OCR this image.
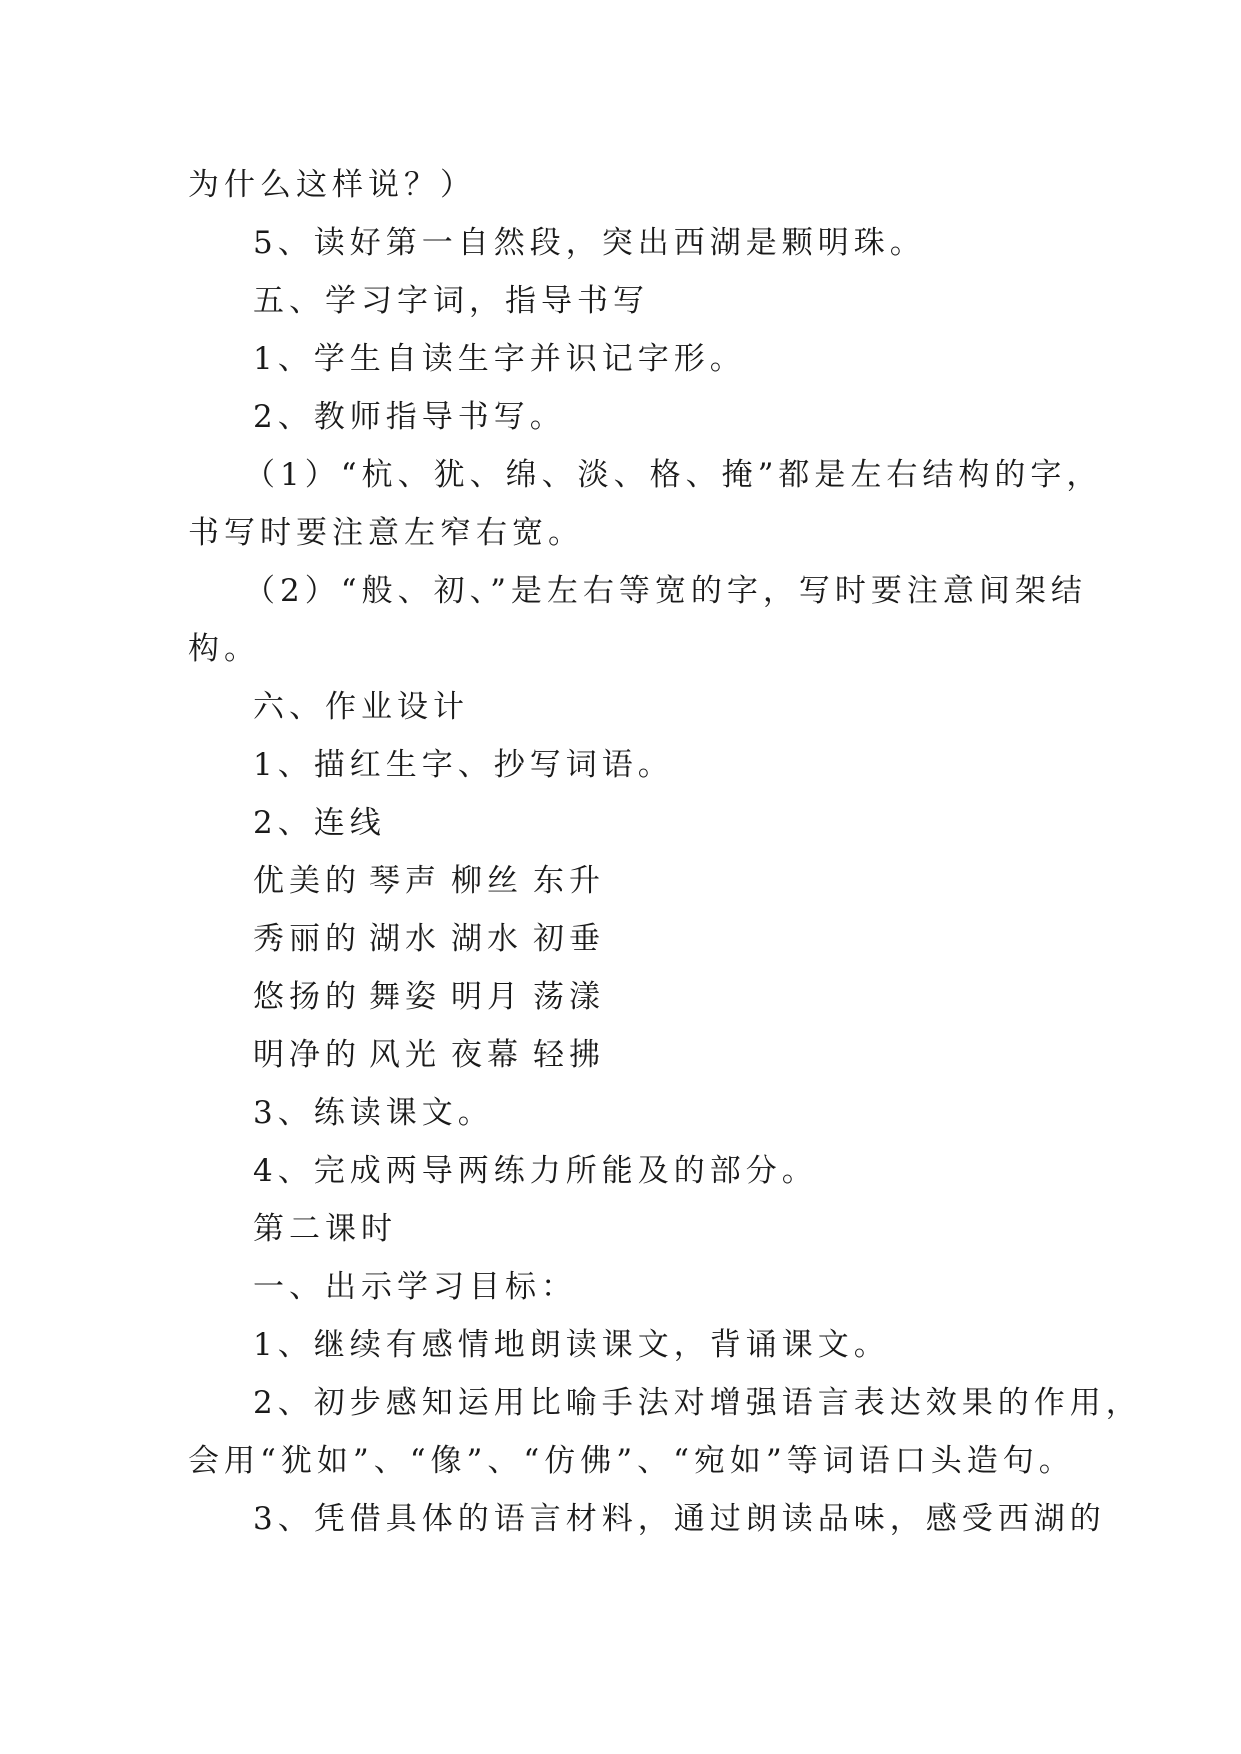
为什么这样说？）
5、读好第一自然段，突出西湖是颗明珠。
五、学习字词，指导书写
1、学生自读生字并识记字形。
2、教师指导书写。
（1）“杭、犹、绵、淡、格、掩”都是左右结构的字，
书写时要注意左窄右宽。
（2）“般、初、”是左右等宽的字，写时要注意间架结
构。
六、作业设计
1、描红生字、抄写词语。
2、连线
优美的 琴声 柳丝 东升
秀丽的 湖水 湖水 初垂
悠扬的 舞姿 明月 荡漾
明净的 风光 夜幕 轻拂
3、练读课文。
4、完成两导两练力所能及的部分。
第二课时
一、出示学习目标：
1、继续有感情地朗读课文，背诵课文。
2、初步感知运用比喻手法对增强语言表达效果的作用，
会用“犹如”、“像”、“仿佛”、“宛如”等词语口头造句。
3、凭借具体的语言材料，通过朗读品味，感受西湖的
